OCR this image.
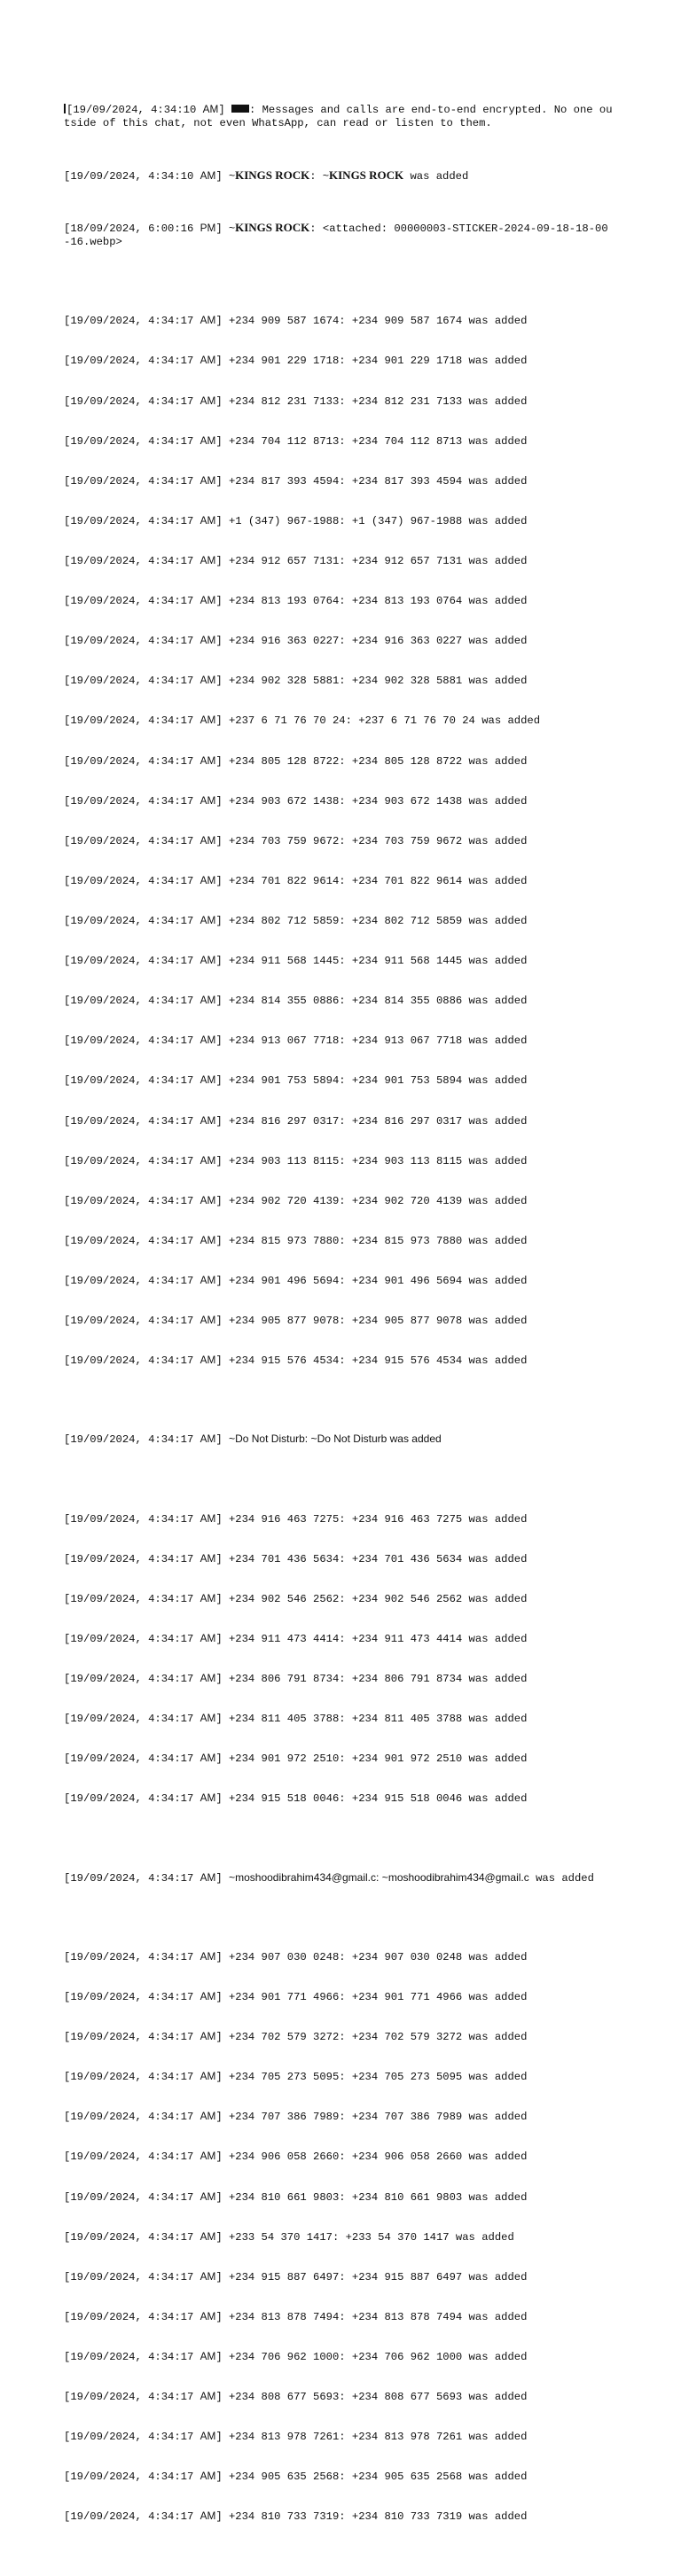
[19/09/2024, 4:34:10 AM] : Messages and calls are end-to-end encrypted. No one outside of this chat, not even WhatsApp, can read or listen to them.

[19/09/2024, 4:34:10 AM] ~KINGS ROCK: ~KINGS ROCK was added

[18/09/2024, 6:00:16 PM] ~KINGS ROCK: <attached: 00000003-STICKER-2024-09-18-18-00-16.webp>

[19/09/2024, 4:34:17 AM] +234 909 587 1674: +234 909 587 1674 was added

[19/09/2024, 4:34:17 AM] +234 901 229 1718: +234 901 229 1718 was added

[19/09/2024, 4:34:17 AM] +234 812 231 7133: +234 812 231 7133 was added

[19/09/2024, 4:34:17 AM] +234 704 112 8713: +234 704 112 8713 was added

[19/09/2024, 4:34:17 AM] +234 817 393 4594: +234 817 393 4594 was added

[19/09/2024, 4:34:17 AM] +1 (347) 967-1988: +1 (347) 967-1988 was added

[19/09/2024, 4:34:17 AM] +234 912 657 7131: +234 912 657 7131 was added

[19/09/2024, 4:34:17 AM] +234 813 193 0764: +234 813 193 0764 was added

[19/09/2024, 4:34:17 AM] +234 916 363 0227: +234 916 363 0227 was added

[19/09/2024, 4:34:17 AM] +234 902 328 5881: +234 902 328 5881 was added

[19/09/2024, 4:34:17 AM] +237 6 71 76 70 24: +237 6 71 76 70 24 was added

[19/09/2024, 4:34:17 AM] +234 805 128 8722: +234 805 128 8722 was added

[19/09/2024, 4:34:17 AM] +234 903 672 1438: +234 903 672 1438 was added

[19/09/2024, 4:34:17 AM] +234 703 759 9672: +234 703 759 9672 was added

[19/09/2024, 4:34:17 AM] +234 701 822 9614: +234 701 822 9614 was added

[19/09/2024, 4:34:17 AM] +234 802 712 5859: +234 802 712 5859 was added

[19/09/2024, 4:34:17 AM] +234 911 568 1445: +234 911 568 1445 was added

[19/09/2024, 4:34:17 AM] +234 814 355 0886: +234 814 355 0886 was added

[19/09/2024, 4:34:17 AM] +234 913 067 7718: +234 913 067 7718 was added

[19/09/2024, 4:34:17 AM] +234 901 753 5894: +234 901 753 5894 was added

[19/09/2024, 4:34:17 AM] +234 816 297 0317: +234 816 297 0317 was added

[19/09/2024, 4:34:17 AM] +234 903 113 8115: +234 903 113 8115 was added

[19/09/2024, 4:34:17 AM] +234 902 720 4139: +234 902 720 4139 was added

[19/09/2024, 4:34:17 AM] +234 815 973 7880: +234 815 973 7880 was added

[19/09/2024, 4:34:17 AM] +234 901 496 5694: +234 901 496 5694 was added

[19/09/2024, 4:34:17 AM] +234 905 877 9078: +234 905 877 9078 was added

[19/09/2024, 4:34:17 AM] +234 915 576 4534: +234 915 576 4534 was added

[19/09/2024, 4:34:17 AM] ~Do Not Disturb: ~Do Not Disturb was added

[19/09/2024, 4:34:17 AM] +234 916 463 7275: +234 916 463 7275 was added

[19/09/2024, 4:34:17 AM] +234 701 436 5634: +234 701 436 5634 was added

[19/09/2024, 4:34:17 AM] +234 902 546 2562: +234 902 546 2562 was added

[19/09/2024, 4:34:17 AM] +234 911 473 4414: +234 911 473 4414 was added

[19/09/2024, 4:34:17 AM] +234 806 791 8734: +234 806 791 8734 was added

[19/09/2024, 4:34:17 AM] +234 811 405 3788: +234 811 405 3788 was added

[19/09/2024, 4:34:17 AM] +234 901 972 2510: +234 901 972 2510 was added

[19/09/2024, 4:34:17 AM] +234 915 518 0046: +234 915 518 0046 was added

[19/09/2024, 4:34:17 AM] ~moshoodibrahim434@gmail.c: ~moshoodibrahim434@gmail.c was added

[19/09/2024, 4:34:17 AM] +234 907 030 0248: +234 907 030 0248 was added

[19/09/2024, 4:34:17 AM] +234 901 771 4966: +234 901 771 4966 was added

[19/09/2024, 4:34:17 AM] +234 702 579 3272: +234 702 579 3272 was added

[19/09/2024, 4:34:17 AM] +234 705 273 5095: +234 705 273 5095 was added

[19/09/2024, 4:34:17 AM] +234 707 386 7989: +234 707 386 7989 was added

[19/09/2024, 4:34:17 AM] +234 906 058 2660: +234 906 058 2660 was added

[19/09/2024, 4:34:17 AM] +234 810 661 9803: +234 810 661 9803 was added

[19/09/2024, 4:34:17 AM] +233 54 370 1417: +233 54 370 1417 was added

[19/09/2024, 4:34:17 AM] +234 915 887 6497: +234 915 887 6497 was added

[19/09/2024, 4:34:17 AM] +234 813 878 7494: +234 813 878 7494 was added

[19/09/2024, 4:34:17 AM] +234 706 962 1000: +234 706 962 1000 was added

[19/09/2024, 4:34:17 AM] +234 808 677 5693: +234 808 677 5693 was added

[19/09/2024, 4:34:17 AM] +234 813 978 7261: +234 813 978 7261 was added

[19/09/2024, 4:34:17 AM] +234 905 635 2568: +234 905 635 2568 was added

[19/09/2024, 4:34:17 AM] +234 810 733 7319: +234 810 733 7319 was added
